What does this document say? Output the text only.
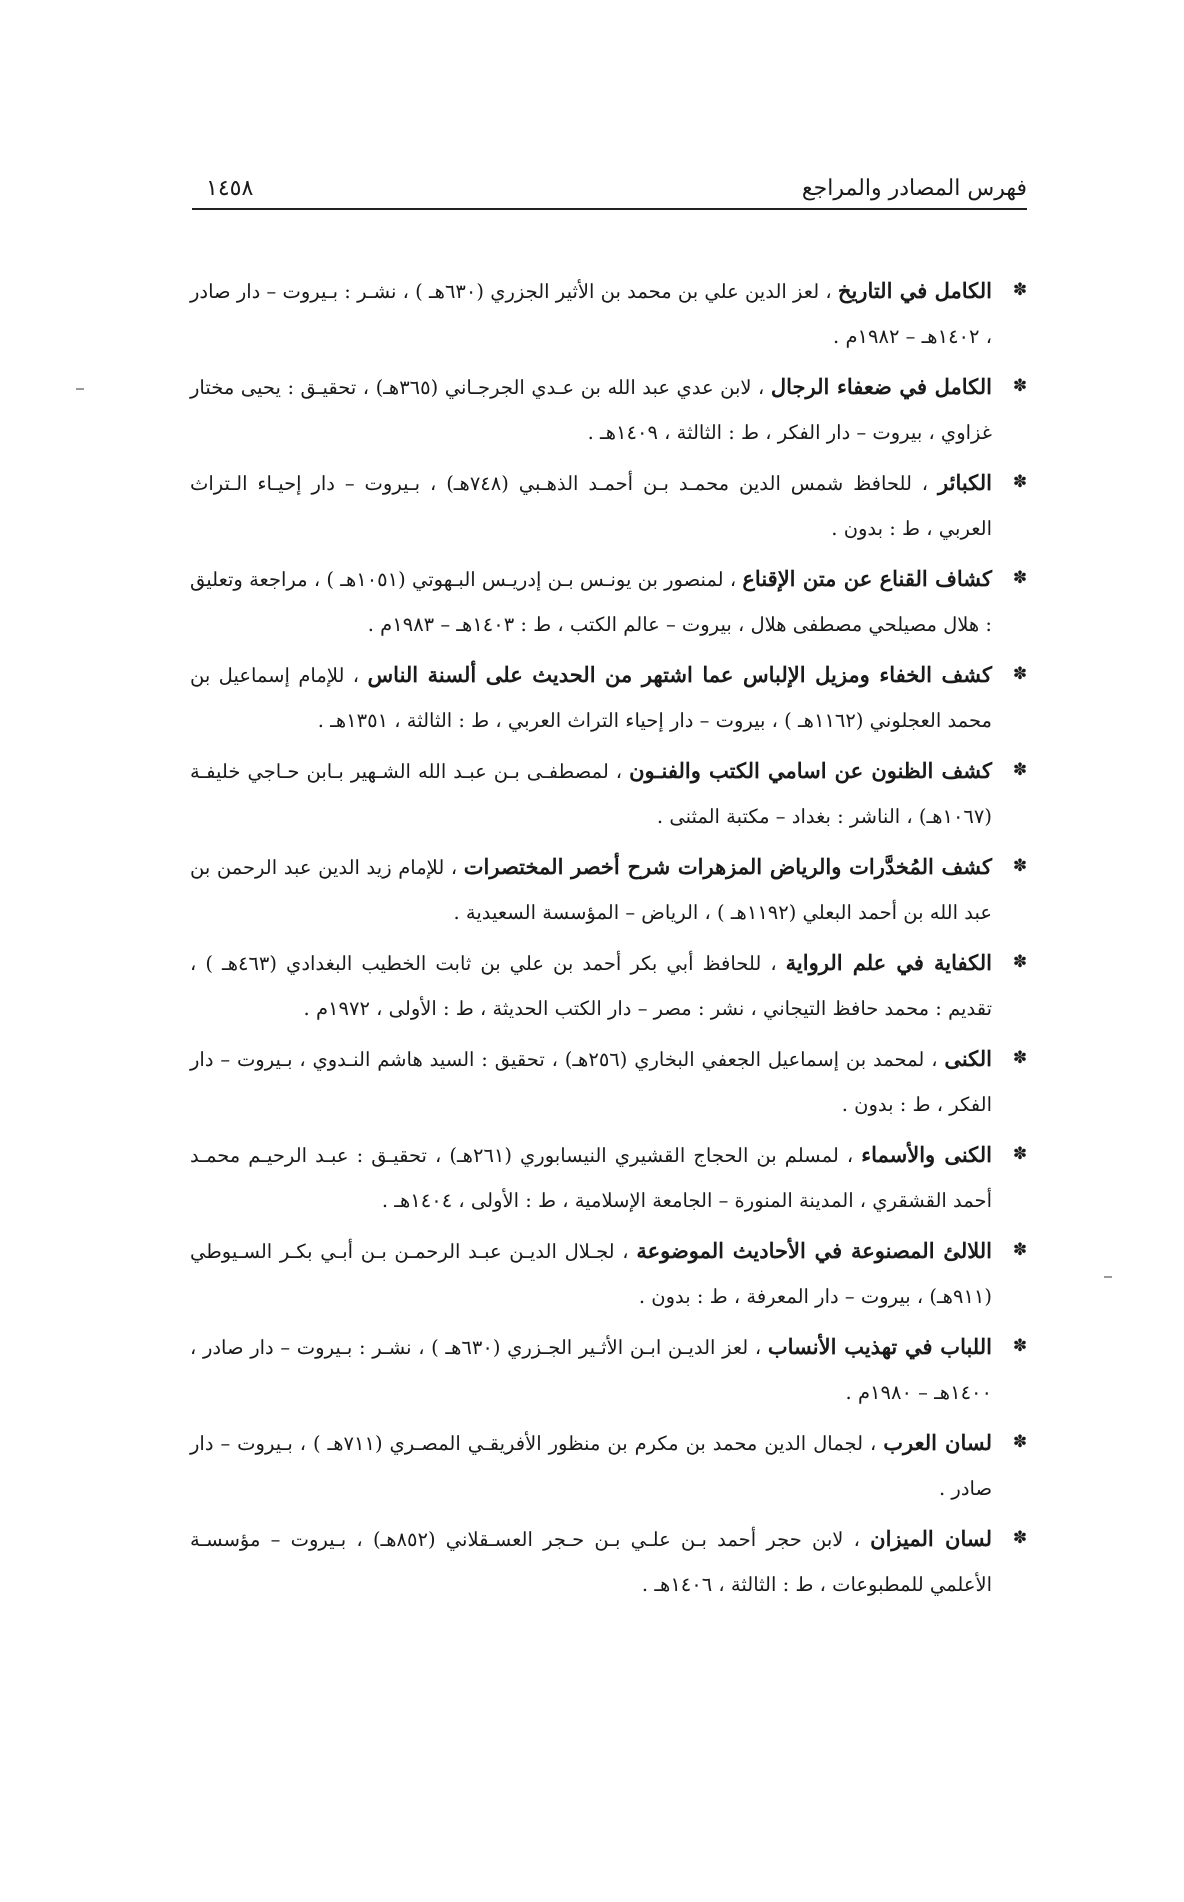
فهرس المصادر والمراجع
١٤٥٨
✽
الكامل في التاريخ ، لعز الدين علي بن محمد بن الأثير الجزري (٦٣٠هـ ) ، نشـر : بـيروت – دار صادر ، ١٤٠٢هـ – ١٩٨٢م .
✽
الكامل في ضعفاء الرجال ، لابن عدي عبد الله بن عـدي الجرجـاني (٣٦٥هـ) ، تحقيـق : يحيى مختار غزاوي ، بيروت – دار الفكر ، ط : الثالثة ، ١٤٠٩هـ .
✽
الكبائر ، للحافظ شمس الدين محمـد بـن أحمـد الذهـبي (٧٤٨هـ) ، بـيروت – دار إحيـاء الـتراث العربي ، ط : بدون .
✽
كشاف القناع عن متن الإقناع ، لمنصور بن يونـس بـن إدريـس البـهوتي (١٠٥١هـ ) ، مراجعة وتعليق : هلال مصيلحي مصطفى هلال ، بيروت – عالم الكتب ، ط : ١٤٠٣هـ – ١٩٨٣م .
✽
كشف الخفاء ومزيل الإلباس عما اشتهر من الحديث على ألسنة الناس ، للإمام إسماعيل بن محمد العجلوني (١١٦٢هـ ) ، بيروت – دار إحياء التراث العربي ، ط : الثالثة ، ١٣٥١هـ .
✽
كشف الظنون عن اسامي الكتب والفنـون ، لمصطفـى بـن عبـد الله الشـهير بـابن حـاجي خليفـة (١٠٦٧هـ) ، الناشر : بغداد – مكتبة المثنى .
✽
كشف المُخدَّرات والرياض المزهرات شرح أخصر المختصرات ، للإمام زيد الدين عبد الرحمن بن عبد الله بن أحمد البعلي (١١٩٢هـ ) ، الرياض – المؤسسة السعيدية .
✽
الكفاية في علم الرواية ، للحافظ أبي بكر أحمد بن علي بن ثابت الخطيب البغدادي (٤٦٣هـ ) ، تقديم : محمد حافظ التيجاني ، نشر : مصر – دار الكتب الحديثة ، ط : الأولى ، ١٩٧٢م .
✽
الكنى ، لمحمد بن إسماعيل الجعفي البخاري (٢٥٦هـ) ، تحقيق : السيد هاشم النـدوي ، بـيروت – دار الفكر ، ط : بدون .
✽
الكنى والأسماء ، لمسلم بن الحجاج القشيري النيسابوري (٢٦١هـ) ، تحقيـق : عبـد الرحيـم محمـد أحمد القشقري ، المدينة المنورة – الجامعة الإسلامية ، ط : الأولى ، ١٤٠٤هـ .
✽
اللالئ المصنوعة في الأحاديث الموضوعة ، لجـلال الديـن عبـد الرحمـن بـن أبـي بكـر السـيوطي (٩١١هـ) ، بيروت – دار المعرفة ، ط : بدون .
✽
اللباب في تهذيب الأنساب ، لعز الديـن ابـن الأثـير الجـزري (٦٣٠هـ ) ، نشـر : بـيروت – دار صادر ، ١٤٠٠هـ – ١٩٨٠م .
✽
لسان العرب ، لجمال الدين محمد بن مكرم بن منظور الأفريقـي المصـري (٧١١هـ ) ، بـيروت – دار صادر .
✽
لسان الميزان ، لابن حجر أحمد بـن علـي بـن حـجر العسـقلاني (٨٥٢هـ) ، بـيروت – مؤسسـة الأعلمي للمطبوعات ، ط : الثالثة ، ١٤٠٦هـ .
